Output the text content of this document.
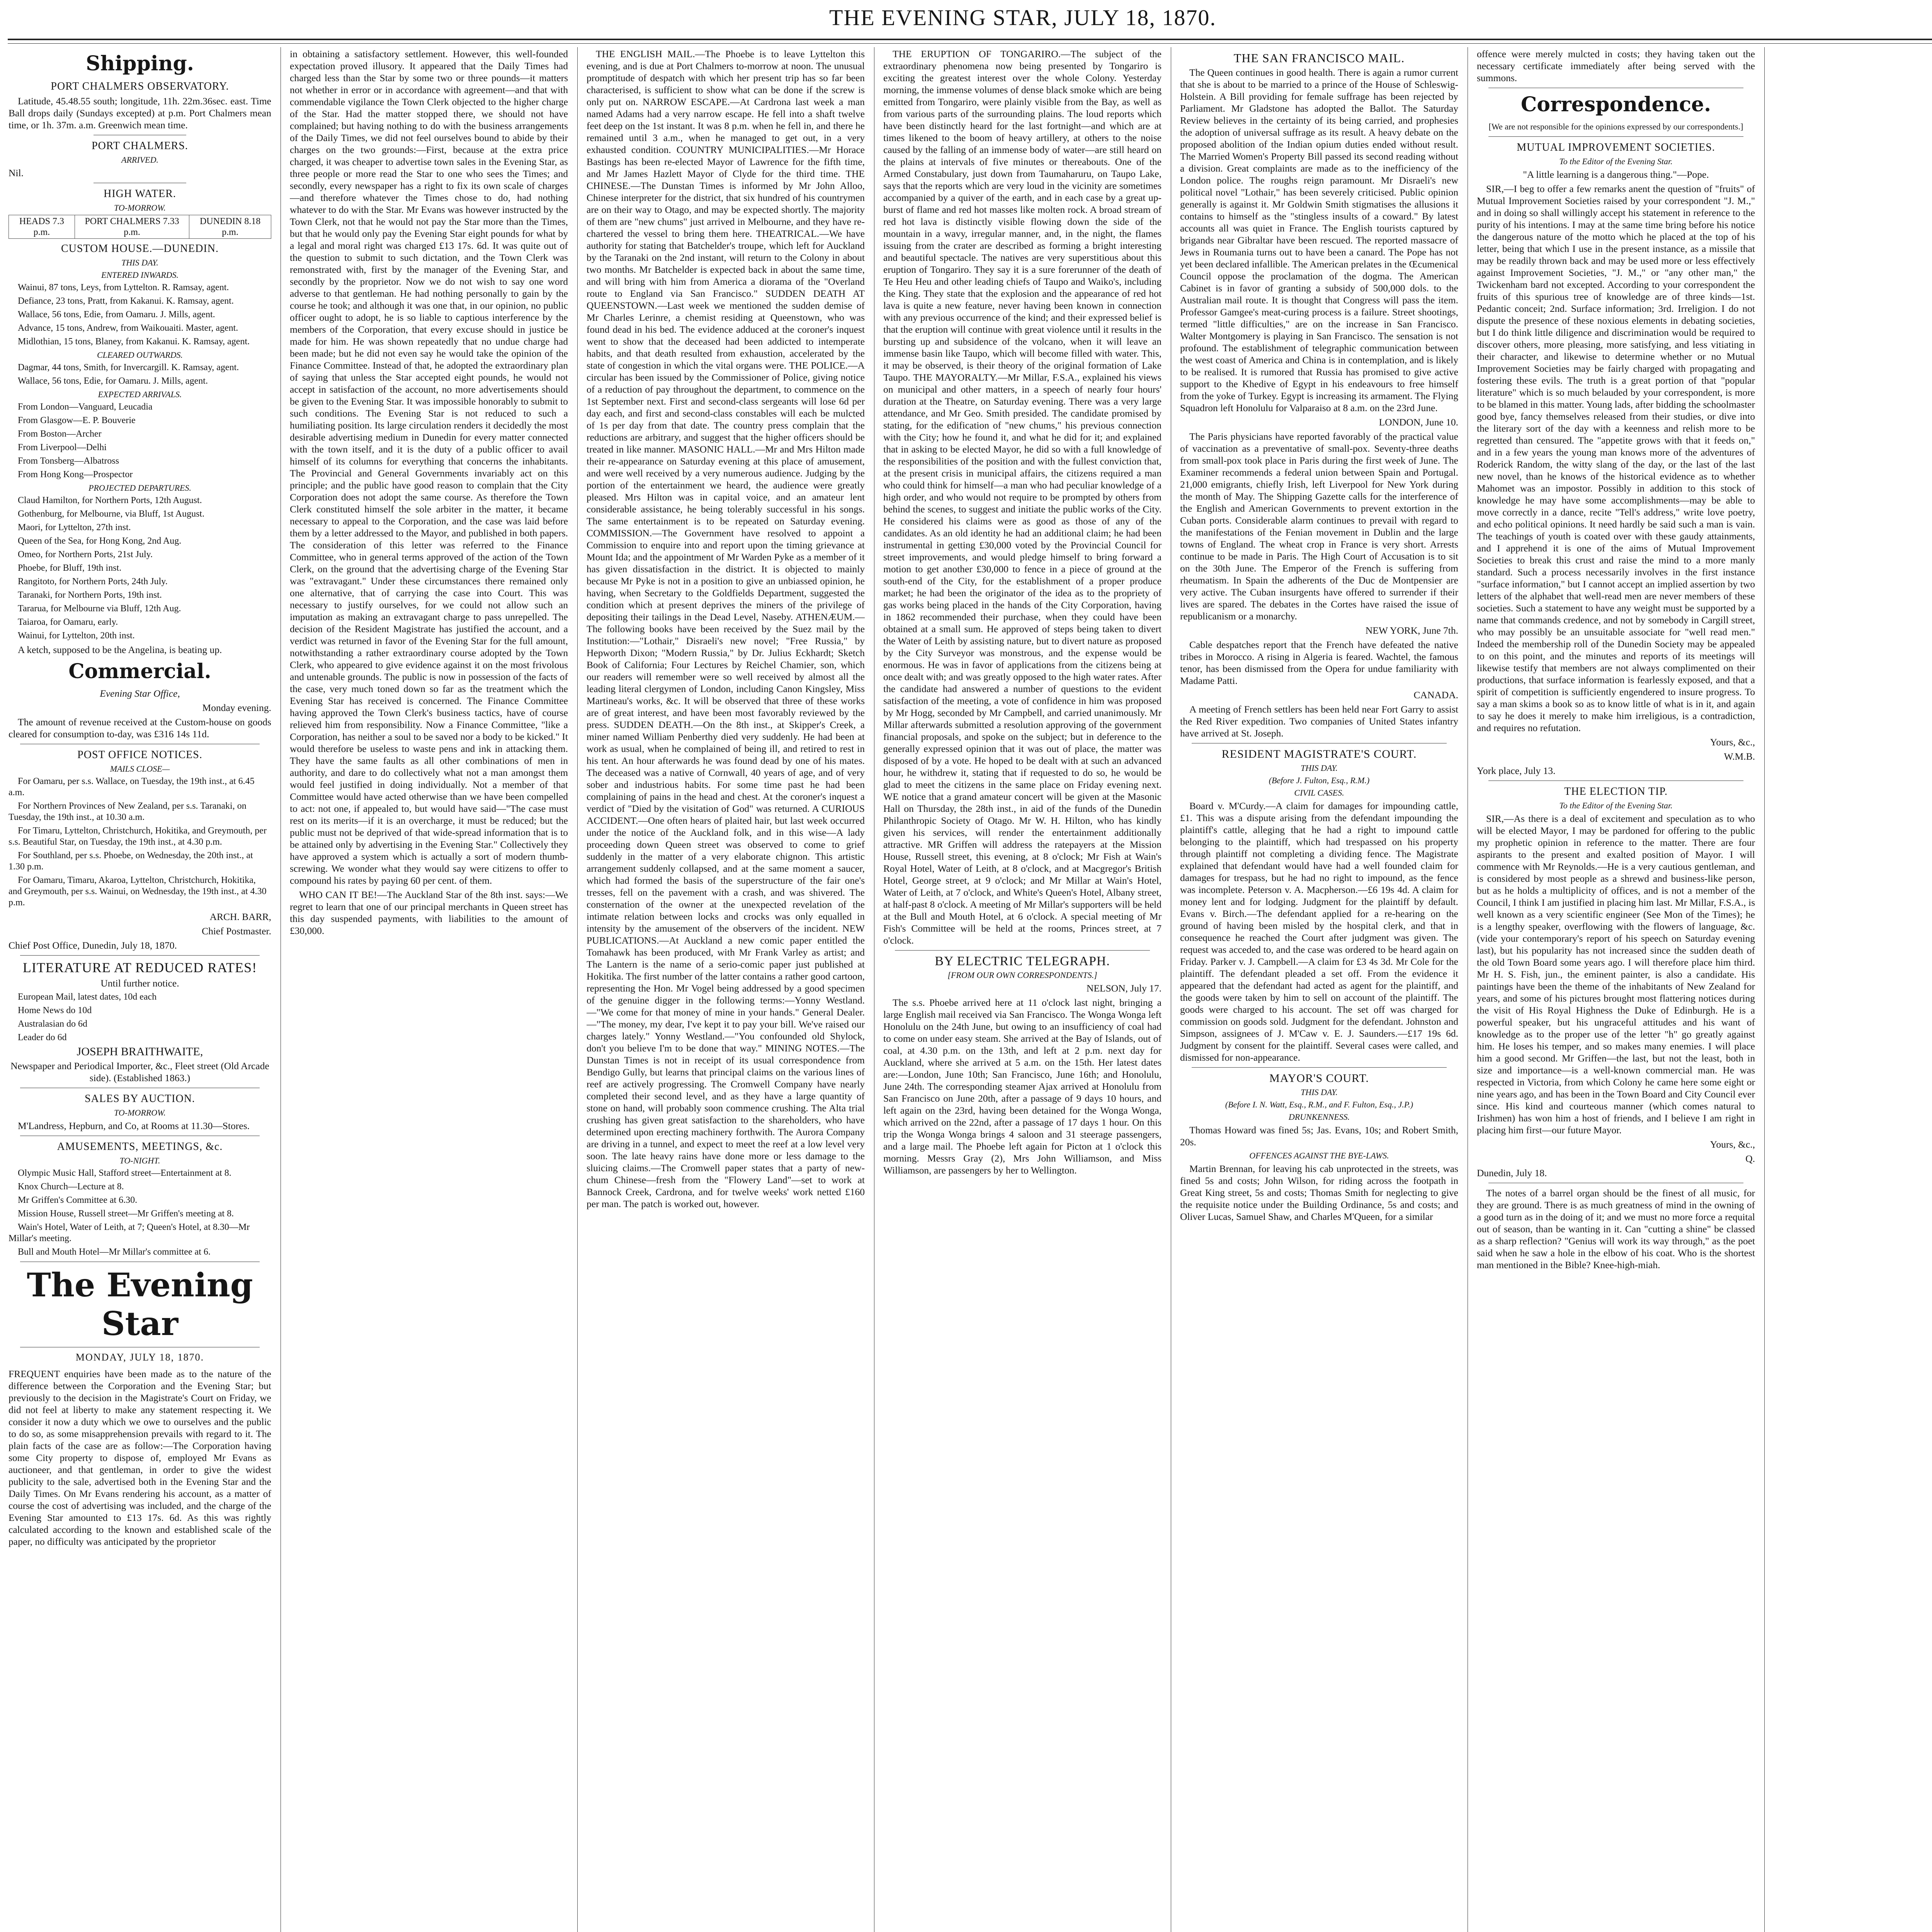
THE EVENING STAR, JULY 18, 1870.
Shipping.
PORT CHALMERS OBSERVATORY.

Latitude, 45.48.55 south; longitude, 11h. 22m.36sec. east. Time Ball drops daily (Sundays excepted) at p.m. Port Chalmers mean time, or 1h. 37m. a.m. Greenwich mean time.

PORT CHALMERS.
ARRIVED.

Nil.

HIGH WATER.
TO-MORROW.
HEADS 7.3 p.m.	PORT CHALMERS 7.33 p.m.	DUNEDIN 8.18 p.m.
CUSTOM HOUSE.—DUNEDIN.
THIS DAY.
ENTERED INWARDS.

Wainui, 87 tons, Leys, from Lyttelton. R. Ramsay, agent.

Defiance, 23 tons, Pratt, from Kakanui. K. Ramsay, agent.

Wallace, 56 tons, Edie, from Oamaru. J. Mills, agent.

Advance, 15 tons, Andrew, from Waikouaiti. Master, agent.

Midlothian, 15 tons, Blaney, from Kakanui. K. Ramsay, agent.

CLEARED OUTWARDS.

Dagmar, 44 tons, Smith, for Invercargill. K. Ramsay, agent.

Wallace, 56 tons, Edie, for Oamaru. J. Mills, agent.

EXPECTED ARRIVALS.

From London—Vanguard, Leucadia

From Glasgow—E. P. Bouverie

From Boston—Archer

From Liverpool—Delhi

From Tonsberg—Albatross

From Hong Kong—Prospector

PROJECTED DEPARTURES.

Claud Hamilton, for Northern Ports, 12th August.

Gothenburg, for Melbourne, via Bluff, 1st August.

Maori, for Lyttelton, 27th inst.

Queen of the Sea, for Hong Kong, 2nd Aug.

Omeo, for Northern Ports, 21st July.

Phoebe, for Bluff, 19th inst.

Rangitoto, for Northern Ports, 24th July.

Taranaki, for Northern Ports, 19th inst.

Tararua, for Melbourne via Bluff, 12th Aug.

Taiaroa, for Oamaru, early.

Wainui, for Lyttelton, 20th inst.

A ketch, supposed to be the Angelina, is beating up.

Commercial.

Evening Star Office,

Monday evening.

The amount of revenue received at the Custom-house on goods cleared for consumption to-day, was £316 14s 11d.

POST OFFICE NOTICES.
MAILS CLOSE—

For Oamaru, per s.s. Wallace, on Tuesday, the 19th inst., at 6.45 a.m.

For Northern Provinces of New Zealand, per s.s. Taranaki, on Tuesday, the 19th inst., at 10.30 a.m.

For Timaru, Lyttelton, Christchurch, Hokitika, and Greymouth, per s.s. Beautiful Star, on Tuesday, the 19th inst., at 4.30 p.m.

For Southland, per s.s. Phoebe, on Wednesday, the 20th inst., at 1.30 p.m.

For Oamaru, Timaru, Akaroa, Lyttelton, Christchurch, Hokitika, and Greymouth, per s.s. Wainui, on Wednesday, the 19th inst., at 4.30 p.m.

ARCH. BARR,

Chief Postmaster.

Chief Post Office, Dunedin, July 18, 1870.

LITERATURE AT REDUCED RATES!

Until further notice.

European Mail, latest dates, 10d each

Home News do 10d

Australasian do 6d

Leader do 6d

JOSEPH BRAITHWAITE,

Newspaper and Periodical Importer, &c., Fleet street (Old Arcade side). (Established 1863.)

SALES BY AUCTION.
TO-MORROW.

M'Landress, Hepburn, and Co, at Rooms at 11.30—Stores.

AMUSEMENTS, MEETINGS, &c.
TO-NIGHT.

Olympic Music Hall, Stafford street—Entertainment at 8.

Knox Church—Lecture at 8.

Mr Griffen's Committee at 6.30.

Mission House, Russell street—Mr Griffen's meeting at 8.

Wain's Hotel, Water of Leith, at 7; Queen's Hotel, at 8.30—Mr Millar's meeting.

Bull and Mouth Hotel—Mr Millar's committee at 6.

The Evening Star
MONDAY, JULY 18, 1870.

FREQUENT enquiries have been made as to the nature of the difference between the Corporation and the Evening Star; but previously to the decision in the Magistrate's Court on Friday, we did not feel at liberty to make any statement respecting it. We consider it now a duty which we owe to ourselves and the public to do so, as some misapprehension prevails with regard to it. The plain facts of the case are as follow:—The Corporation having some City property to dispose of, employed Mr Evans as auctioneer, and that gentleman, in order to give the widest publicity to the sale, advertised both in the Evening Star and the Daily Times. On Mr Evans rendering his account, as a matter of course the cost of advertising was included, and the charge of the Evening Star amounted to £13 17s. 6d. As this was rightly calculated according to the known and established scale of the paper, no difficulty was anticipated by the proprietor

in obtaining a satisfactory settlement. However, this well-founded expectation proved illusory. It appeared that the Daily Times had charged less than the Star by some two or three pounds—it matters not whether in error or in accordance with agreement—and that with commendable vigilance the Town Clerk objected to the higher charge of the Star. Had the matter stopped there, we should not have complained; but having nothing to do with the business arrangements of the Daily Times, we did not feel ourselves bound to abide by their charges on the two grounds:—First, because at the extra price charged, it was cheaper to advertise town sales in the Evening Star, as three people or more read the Star to one who sees the Times; and secondly, every newspaper has a right to fix its own scale of charges—and therefore whatever the Times chose to do, had nothing whatever to do with the Star. Mr Evans was however instructed by the Town Clerk, not that he would not pay the Star more than the Times, but that he would only pay the Evening Star eight pounds for what by a legal and moral right was charged £13 17s. 6d. It was quite out of the question to submit to such dictation, and the Town Clerk was remonstrated with, first by the manager of the Evening Star, and secondly by the proprietor. Now we do not wish to say one word adverse to that gentleman. He had nothing personally to gain by the course he took; and although it was one that, in our opinion, no public officer ought to adopt, he is so liable to captious interference by the members of the Corporation, that every excuse should in justice be made for him. He was shown repeatedly that no undue charge had been made; but he did not even say he would take the opinion of the Finance Committee. Instead of that, he adopted the extraordinary plan of saying that unless the Star accepted eight pounds, he would not accept in satisfaction of the account, no more advertisements should be given to the Evening Star. It was impossible honorably to submit to such conditions. The Evening Star is not reduced to such a humiliating position. Its large circulation renders it decidedly the most desirable advertising medium in Dunedin for every matter connected with the town itself, and it is the duty of a public officer to avail himself of its columns for everything that concerns the inhabitants. The Provincial and General Governments invariably act on this principle; and the public have good reason to complain that the City Corporation does not adopt the same course. As therefore the Town Clerk constituted himself the sole arbiter in the matter, it became necessary to appeal to the Corporation, and the case was laid before them by a letter addressed to the Mayor, and published in both papers. The consideration of this letter was referred to the Finance Committee, who in general terms approved of the action of the Town Clerk, on the ground that the advertising charge of the Evening Star was "extravagant." Under these circumstances there remained only one alternative, that of carrying the case into Court. This was necessary to justify ourselves, for we could not allow such an imputation as making an extravagant charge to pass unrepelled. The decision of the Resident Magistrate has justified the account, and a verdict was returned in favor of the Evening Star for the full amount, notwithstanding a rather extraordinary course adopted by the Town Clerk, who appeared to give evidence against it on the most frivolous and untenable grounds. The public is now in possession of the facts of the case, very much toned down so far as the treatment which the Evening Star has received is concerned. The Finance Committee having approved the Town Clerk's business tactics, have of course relieved him from responsibility. Now a Finance Committee, "like a Corporation, has neither a soul to be saved nor a body to be kicked." It would therefore be useless to waste pens and ink in attacking them. They have the same faults as all other combinations of men in authority, and dare to do collectively what not a man amongst them would feel justified in doing individually. Not a member of that Committee would have acted otherwise than we have been compelled to act: not one, if appealed to, but would have said—"The case must rest on its merits—if it is an overcharge, it must be reduced; but the public must not be deprived of that wide-spread information that is to be attained only by advertising in the Evening Star." Collectively they have approved a system which is actually a sort of modern thumb-screwing. We wonder what they would say were citizens to offer to compound his rates by paying 60 per cent. of them.

WHO CAN IT BE!—The Auckland Star of the 8th inst. says:—We regret to learn that one of our principal merchants in Queen street has this day suspended payments, with liabilities to the amount of £30,000.

THE ENGLISH MAIL.—The Phoebe is to leave Lyttelton this evening, and is due at Port Chalmers to-morrow at noon. The unusual promptitude of despatch with which her present trip has so far been characterised, is sufficient to show what can be done if the screw is only put on. NARROW ESCAPE.—At Cardrona last week a man named Adams had a very narrow escape. He fell into a shaft twelve feet deep on the 1st instant. It was 8 p.m. when he fell in, and there he remained until 3 a.m., when he managed to get out, in a very exhausted condition. COUNTRY MUNICIPALITIES.—Mr Horace Bastings has been re-elected Mayor of Lawrence for the fifth time, and Mr James Hazlett Mayor of Clyde for the third time. THE CHINESE.—The Dunstan Times is informed by Mr John Alloo, Chinese interpreter for the district, that six hundred of his countrymen are on their way to Otago, and may be expected shortly. The majority of them are "new chums" just arrived in Melbourne, and they have re-chartered the vessel to bring them here. THEATRICAL.—We have authority for stating that Batchelder's troupe, which left for Auckland by the Taranaki on the 2nd instant, will return to the Colony in about two months. Mr Batchelder is expected back in about the same time, and will bring with him from America a diorama of the "Overland route to England via San Francisco." SUDDEN DEATH AT QUEENSTOWN.—Last week we mentioned the sudden demise of Mr Charles Lerinre, a chemist residing at Queenstown, who was found dead in his bed. The evidence adduced at the coroner's inquest went to show that the deceased had been addicted to intemperate habits, and that death resulted from exhaustion, accelerated by the state of congestion in which the vital organs were. THE POLICE.—A circular has been issued by the Commissioner of Police, giving notice of a reduction of pay throughout the department, to commence on the 1st September next. First and second-class sergeants will lose 6d per day each, and first and second-class constables will each be mulcted of 1s per day from that date. The country press complain that the reductions are arbitrary, and suggest that the higher officers should be treated in like manner. MASONIC HALL.—Mr and Mrs Hilton made their re-appearance on Saturday evening at this place of amusement, and were well received by a very numerous audience. Judging by the portion of the entertainment we heard, the audience were greatly pleased. Mrs Hilton was in capital voice, and an amateur lent considerable assistance, he being tolerably successful in his songs. The same entertainment is to be repeated on Saturday evening. COMMISSION.—The Government have resolved to appoint a Commission to enquire into and report upon the timing grievance at Mount Ida; and the appointment of Mr Warden Pyke as a member of it has given dissatisfaction in the district. It is objected to mainly because Mr Pyke is not in a position to give an unbiassed opinion, he having, when Secretary to the Goldfields Department, suggested the condition which at present deprives the miners of the privilege of depositing their tailings in the Dead Level, Naseby. ATHENÆUM.—The following books have been received by the Suez mail by the Institution:—"Lothair," Disraeli's new novel; "Free Russia," by Hepworth Dixon; "Modern Russia," by Dr. Julius Eckhardt; Sketch Book of California; Four Lectures by Reichel Chamier, son, which our readers will remember were so well received by almost all the leading literal clergymen of London, including Canon Kingsley, Miss Martineau's works, &c. It will be observed that three of these works are of great interest, and have been most favorably reviewed by the press. SUDDEN DEATH.—On the 8th inst., at Skipper's Creek, a miner named William Penberthy died very suddenly. He had been at work as usual, when he complained of being ill, and retired to rest in his tent. An hour afterwards he was found dead by one of his mates. The deceased was a native of Cornwall, 40 years of age, and of very sober and industrious habits. For some time past he had been complaining of pains in the head and chest. At the coroner's inquest a verdict of "Died by the visitation of God" was returned. A CURIOUS ACCIDENT.—One often hears of plaited hair, but last week occurred under the notice of the Auckland folk, and in this wise—A lady proceeding down Queen street was observed to come to grief suddenly in the matter of a very elaborate chignon. This artistic arrangement suddenly collapsed, and at the same moment a saucer, which had formed the basis of the superstructure of the fair one's tresses, fell on the pavement with a crash, and was shivered. The consternation of the owner at the unexpected revelation of the intimate relation between locks and crocks was only equalled in intensity by the amusement of the observers of the incident. NEW PUBLICATIONS.—At Auckland a new comic paper entitled the Tomahawk has been produced, with Mr Frank Varley as artist; and The Lantern is the name of a serio-comic paper just published at Hokitika. The first number of the latter contains a rather good cartoon, representing the Hon. Mr Vogel being addressed by a good specimen of the genuine digger in the following terms:—Yonny Westland.—"We come for that money of mine in your hands." General Dealer.—"The money, my dear, I've kept it to pay your bill. We've raised our charges lately." Yonny Westland.—"You confounded old Shylock, don't you believe I'm to be done that way." MINING NOTES.—The Dunstan Times is not in receipt of its usual correspondence from Bendigo Gully, but learns that principal claims on the various lines of reef are actively progressing. The Cromwell Company have nearly completed their second level, and as they have a large quantity of stone on hand, will probably soon commence crushing. The Alta trial crushing has given great satisfaction to the shareholders, who have determined upon erecting machinery forthwith. The Aurora Company are driving in a tunnel, and expect to meet the reef at a low level very soon. The late heavy rains have done more or less damage to the sluicing claims.—The Cromwell paper states that a party of new-chum Chinese—fresh from the "Flowery Land"—set to work at Bannock Creek, Cardrona, and for twelve weeks' work netted £160 per man. The patch is worked out, however.

THE ERUPTION OF TONGARIRO.—The subject of the extraordinary phenomena now being presented by Tongariro is exciting the greatest interest over the whole Colony. Yesterday morning, the immense volumes of dense black smoke which are being emitted from Tongariro, were plainly visible from the Bay, as well as from various parts of the surrounding plains. The loud reports which have been distinctly heard for the last fortnight—and which are at times likened to the boom of heavy artillery, at others to the noise caused by the falling of an immense body of water—are still heard on the plains at intervals of five minutes or thereabouts. One of the Armed Constabulary, just down from Taumaharuru, on Taupo Lake, says that the reports which are very loud in the vicinity are sometimes accompanied by a quiver of the earth, and in each case by a great up-burst of flame and red hot masses like molten rock. A broad stream of red hot lava is distinctly visible flowing down the side of the mountain in a wavy, irregular manner, and, in the night, the flames issuing from the crater are described as forming a bright interesting and beautiful spectacle. The natives are very superstitious about this eruption of Tongariro. They say it is a sure forerunner of the death of Te Heu Heu and other leading chiefs of Taupo and Waiko's, including the King. They state that the explosion and the appearance of red hot lava is quite a new feature, never having been known in connection with any previous occurrence of the kind; and their expressed belief is that the eruption will continue with great violence until it results in the bursting up and subsidence of the volcano, when it will leave an immense basin like Taupo, which will become filled with water. This, it may be observed, is their theory of the original formation of Lake Taupo. THE MAYORALTY.—Mr Millar, F.S.A., explained his views on municipal and other matters, in a speech of nearly four hours' duration at the Theatre, on Saturday evening. There was a very large attendance, and Mr Geo. Smith presided. The candidate promised by stating, for the edification of "new chums," his previous connection with the City; how he found it, and what he did for it; and explained that in asking to be elected Mayor, he did so with a full knowledge of the responsibilities of the position and with the fullest conviction that, at the present crisis in municipal affairs, the citizens required a man who could think for himself—a man who had peculiar knowledge of a high order, and who would not require to be prompted by others from behind the scenes, to suggest and initiate the public works of the City. He considered his claims were as good as those of any of the candidates. As an old identity he had an additional claim; he had been instrumental in getting £30,000 voted by the Provincial Council for street improvements, and would pledge himself to bring forward a motion to get another £30,000 to fence in a piece of ground at the south-end of the City, for the establishment of a proper produce market; he had been the originator of the idea as to the propriety of gas works being placed in the hands of the City Corporation, having in 1862 recommended their purchase, when they could have been obtained at a small sum. He approved of steps being taken to divert the Water of Leith by assisting nature, but to divert nature as proposed by the City Surveyor was monstrous, and the expense would be enormous. He was in favor of applications from the citizens being at once dealt with; and was greatly opposed to the high water rates. After the candidate had answered a number of questions to the evident satisfaction of the meeting, a vote of confidence in him was proposed by Mr Hogg, seconded by Mr Campbell, and carried unanimously. Mr Millar afterwards submitted a resolution approving of the government financial proposals, and spoke on the subject; but in deference to the generally expressed opinion that it was out of place, the matter was disposed of by a vote. He hoped to be dealt with at such an advanced hour, he withdrew it, stating that if requested to do so, he would be glad to meet the citizens in the same place on Friday evening next. WE notice that a grand amateur concert will be given at the Masonic Hall on Thursday, the 28th inst., in aid of the funds of the Dunedin Philanthropic Society of Otago. Mr W. H. Hilton, who has kindly given his services, will render the entertainment additionally attractive. MR Griffen will address the ratepayers at the Mission House, Russell street, this evening, at 8 o'clock; Mr Fish at Wain's Royal Hotel, Water of Leith, at 8 o'clock, and at Macgregor's British Hotel, George street, at 9 o'clock; and Mr Millar at Wain's Hotel, Water of Leith, at 7 o'clock, and White's Queen's Hotel, Albany street, at half-past 8 o'clock. A meeting of Mr Millar's supporters will be held at the Bull and Mouth Hotel, at 6 o'clock. A special meeting of Mr Fish's Committee will be held at the rooms, Princes street, at 7 o'clock.

BY ELECTRIC TELEGRAPH.
[FROM OUR OWN CORRESPONDENTS.]

NELSON, July 17.

The s.s. Phoebe arrived here at 11 o'clock last night, bringing a large English mail received via San Francisco. The Wonga Wonga left Honolulu on the 24th June, but owing to an insufficiency of coal had to come on under easy steam. She arrived at the Bay of Islands, out of coal, at 4.30 p.m. on the 13th, and left at 2 p.m. next day for Auckland, where she arrived at 5 a.m. on the 15th. Her latest dates are:—London, June 10th; San Francisco, June 16th; and Honolulu, June 24th. The corresponding steamer Ajax arrived at Honolulu from San Francisco on June 20th, after a passage of 9 days 10 hours, and left again on the 23rd, having been detained for the Wonga Wonga, which arrived on the 22nd, after a passage of 17 days 1 hour. On this trip the Wonga Wonga brings 4 saloon and 31 steerage passengers, and a large mail. The Phoebe left again for Picton at 1 o'clock this morning. Messrs Gray (2), Mrs John Williamson, and Miss Williamson, are passengers by her to Wellington.

THE SAN FRANCISCO MAIL.

The Queen continues in good health. There is again a rumor current that she is about to be married to a prince of the House of Schleswig-Holstein. A Bill providing for female suffrage has been rejected by Parliament. Mr Gladstone has adopted the Ballot. The Saturday Review believes in the certainty of its being carried, and prophesies the adoption of universal suffrage as its result. A heavy debate on the proposed abolition of the Indian opium duties ended without result. The Married Women's Property Bill passed its second reading without a division. Great complaints are made as to the inefficiency of the London police. The roughs reign paramount. Mr Disraeli's new political novel "Lothair," has been severely criticised. Public opinion generally is against it. Mr Goldwin Smith stigmatises the allusions it contains to himself as the "stingless insults of a coward." By latest accounts all was quiet in France. The English tourists captured by brigands near Gibraltar have been rescued. The reported massacre of Jews in Roumania turns out to have been a canard. The Pope has not yet been declared infallible. The American prelates in the Œcumenical Council oppose the proclamation of the dogma. The American Cabinet is in favor of granting a subsidy of 500,000 dols. to the Australian mail route. It is thought that Congress will pass the item. Professor Gamgee's meat-curing process is a failure. Street shootings, termed "little difficulties," are on the increase in San Francisco. Walter Montgomery is playing in San Francisco. The sensation is not profound. The establishment of telegraphic communication between the west coast of America and China is in contemplation, and is likely to be realised. It is rumored that Russia has promised to give active support to the Khedive of Egypt in his endeavours to free himself from the yoke of Turkey. Egypt is increasing its armament. The Flying Squadron left Honolulu for Valparaiso at 8 a.m. on the 23rd June.

LONDON, June 10.

The Paris physicians have reported favorably of the practical value of vaccination as a preventative of small-pox. Seventy-three deaths from small-pox took place in Paris during the first week of June. The Examiner recommends a federal union between Spain and Portugal. 21,000 emigrants, chiefly Irish, left Liverpool for New York during the month of May. The Shipping Gazette calls for the interference of the English and American Governments to prevent extortion in the Cuban ports. Considerable alarm continues to prevail with regard to the manifestations of the Fenian movement in Dublin and the large towns of England. The wheat crop in France is very short. Arrests continue to be made in Paris. The High Court of Accusation is to sit on the 30th June. The Emperor of the French is suffering from rheumatism. In Spain the adherents of the Duc de Montpensier are very active. The Cuban insurgents have offered to surrender if their lives are spared. The debates in the Cortes have raised the issue of republicanism or a monarchy.

NEW YORK, June 7th.

Cable despatches report that the French have defeated the native tribes in Morocco. A rising in Algeria is feared. Wachtel, the famous tenor, has been dismissed from the Opera for undue familiarity with Madame Patti.

CANADA.

A meeting of French settlers has been held near Fort Garry to assist the Red River expedition. Two companies of United States infantry have arrived at St. Joseph.

RESIDENT MAGISTRATE'S COURT.
THIS DAY.
(Before J. Fulton, Esq., R.M.)
CIVIL CASES.

Board v. M'Curdy.—A claim for damages for impounding cattle, £1. This was a dispute arising from the defendant impounding the plaintiff's cattle, alleging that he had a right to impound cattle belonging to the plaintiff, which had trespassed on his property through plaintiff not completing a dividing fence. The Magistrate explained that defendant would have had a well founded claim for damages for trespass, but he had no right to impound, as the fence was incomplete. Peterson v. A. Macpherson.—£6 19s 4d. A claim for money lent and for lodging. Judgment for the plaintiff by default. Evans v. Birch.—The defendant applied for a re-hearing on the ground of having been misled by the hospital clerk, and that in consequence he reached the Court after judgment was given. The request was acceded to, and the case was ordered to be heard again on Friday. Parker v. J. Campbell.—A claim for £3 4s 3d. Mr Cole for the plaintiff. The defendant pleaded a set off. From the evidence it appeared that the defendant had acted as agent for the plaintiff, and the goods were taken by him to sell on account of the plaintiff. The goods were charged to his account. The set off was charged for commission on goods sold. Judgment for the defendant. Johnston and Simpson, assignees of J. M'Caw v. E. J. Saunders.—£17 19s 6d. Judgment by consent for the plaintiff. Several cases were called, and dismissed for non-appearance.

MAYOR'S COURT.
THIS DAY.
(Before I. N. Watt, Esq., R.M., and F. Fulton, Esq., J.P.)
DRUNKENNESS.

Thomas Howard was fined 5s; Jas. Evans, 10s; and Robert Smith, 20s.

OFFENCES AGAINST THE BYE-LAWS.

Martin Brennan, for leaving his cab unprotected in the streets, was fined 5s and costs; John Wilson, for riding across the footpath in Great King street, 5s and costs; Thomas Smith for neglecting to give the requisite notice under the Building Ordinance, 5s and costs; and Oliver Lucas, Samuel Shaw, and Charles M'Queen, for a similar

offence were merely mulcted in costs; they having taken out the necessary certificate immediately after being served with the summons.

Correspondence.

[We are not responsible for the opinions expressed by our correspondents.]

MUTUAL IMPROVEMENT SOCIETIES.
To the Editor of the Evening Star.

"A little learning is a dangerous thing."—Pope.

SIR,—I beg to offer a few remarks anent the question of "fruits" of Mutual Improvement Societies raised by your correspondent "J. M.," and in doing so shall willingly accept his statement in reference to the purity of his intentions. I may at the same time bring before his notice the dangerous nature of the motto which he placed at the top of his letter, being that which I use in the present instance, as a missile that may be readily thrown back and may be used more or less effectively against Improvement Societies, "J. M.," or "any other man," the Twickenham bard not excepted. According to your correspondent the fruits of this spurious tree of knowledge are of three kinds—1st. Pedantic conceit; 2nd. Surface information; 3rd. Irreligion. I do not dispute the presence of these noxious elements in debating societies, but I do think little diligence and discrimination would be required to discover others, more pleasing, more satisfying, and less vitiating in their character, and likewise to determine whether or no Mutual Improvement Societies may be fairly charged with propagating and fostering these evils. The truth is a great portion of that "popular literature" which is so much belauded by your correspondent, is more to be blamed in this matter. Young lads, after bidding the schoolmaster good bye, fancy themselves released from their studies, or dive into the literary sort of the day with a keenness and relish more to be regretted than censured. The "appetite grows with that it feeds on," and in a few years the young man knows more of the adventures of Roderick Random, the witty slang of the day, or the last of the last new novel, than he knows of the historical evidence as to whether Mahomet was an impostor. Possibly in addition to this stock of knowledge he may have some accomplishments—may be able to move correctly in a dance, recite "Tell's address," write love poetry, and echo political opinions. It need hardly be said such a man is vain. The teachings of youth is coated over with these gaudy attainments, and I apprehend it is one of the aims of Mutual Improvement Societies to break this crust and raise the mind to a more manly standard. Such a process necessarily involves in the first instance "surface information," but I cannot accept an implied assertion by two letters of the alphabet that well-read men are never members of these societies. Such a statement to have any weight must be supported by a name that commands credence, and not by somebody in Cargill street, who may possibly be an unsuitable associate for "well read men." Indeed the membership roll of the Dunedin Society may be appealed to on this point, and the minutes and reports of its meetings will likewise testify that members are not always complimented on their productions, that surface information is fearlessly exposed, and that a spirit of competition is sufficiently engendered to insure progress. To say a man skims a book so as to know little of what is in it, and again to say he does it merely to make him irreligious, is a contradiction, and requires no refutation.

Yours, &c.,

W.M.B.

York place, July 13.

THE ELECTION TIP.
To the Editor of the Evening Star.

SIR,—As there is a deal of excitement and speculation as to who will be elected Mayor, I may be pardoned for offering to the public my prophetic opinion in reference to the matter. There are four aspirants to the present and exalted position of Mayor. I will commence with Mr Reynolds.—He is a very cautious gentleman, and is considered by most people as a shrewd and business-like person, but as he holds a multiplicity of offices, and is not a member of the Council, I think I am justified in placing him last. Mr Millar, F.S.A., is well known as a very scientific engineer (See Mon of the Times); he is a lengthy speaker, overflowing with the flowers of language, &c. (vide your contemporary's report of his speech on Saturday evening last), but his popularity has not increased since the sudden death of the old Town Board some years ago. I will therefore place him third. Mr H. S. Fish, jun., the eminent painter, is also a candidate. His paintings have been the theme of the inhabitants of New Zealand for years, and some of his pictures brought most flattering notices during the visit of His Royal Highness the Duke of Edinburgh. He is a powerful speaker, but his ungraceful attitudes and his want of knowledge as to the proper use of the letter "h" go greatly against him. He loses his temper, and so makes many enemies. I will place him a good second. Mr Griffen—the last, but not the least, both in size and importance—is a well-known commercial man. He was respected in Victoria, from which Colony he came here some eight or nine years ago, and has been in the Town Board and City Council ever since. His kind and courteous manner (which comes natural to Irishmen) has won him a host of friends, and I believe I am right in placing him first—our future Mayor.

Yours, &c.,

Q.

Dunedin, July 18.

The notes of a barrel organ should be the finest of all music, for they are ground. There is as much greatness of mind in the owning of a good turn as in the doing of it; and we must no more force a requital out of season, than be wanting in it. Can "cutting a shine" be classed as a sharp reflection? "Genius will work its way through," as the poet said when he saw a hole in the elbow of his coat. Who is the shortest man mentioned in the Bible? Knee-high-miah.
